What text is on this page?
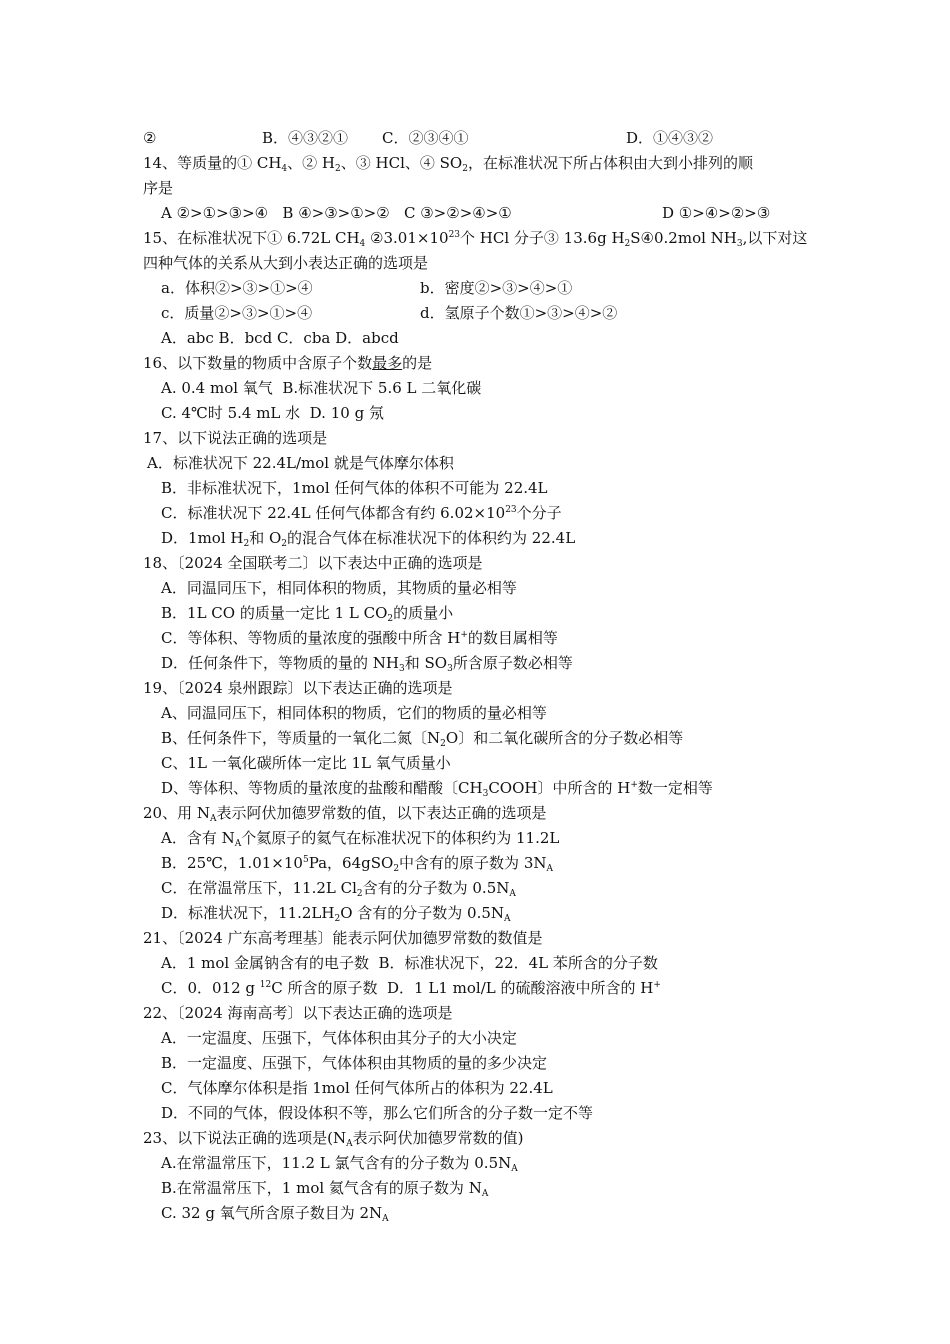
②	B．④③②① C．②③④①	D．①④③②
14、等质量的① $CH_4$、② $H_2$、③ HCl、④ $SO_2$，在标准状况下所占体积由大到小排列的顺
序是
A ②>①>③>④   B ④>③>①>②   C ③>②>④>①	D ①>④>②>③
15、在标准状况下① 6.72L $CH_4$ $②3.01\times 10^{23}$个 HCl 分子③ 13.6g $H_2S④0.2mol$ $NH_3$,以下对这
四种气体的关系从大到小表达正确的选项是
a．体积②>③>①>④	b．密度②>③>④>①
c．质量②>③>①>④	d．氢原子个数①>③>④>②
A．abc B．bcd C．cba D．abcd
16、以下数量的物质中含原子个数最多的是
A. 0.4 mol 氧气  B.标准状况下 5.6 L 二氧化碳
C. 4℃时 5.4 mL 水  D. 10 g 氖
17、以下说法正确的选项是
A．标准状况下 22.4L/mol 就是气体摩尔体积
B．非标准状况下，1mol 任何气体的体积不可能为 22.4L
C．标准状况下 22.4L 任何气体都含有约 $6.02\times 10^{23}$个分子
D．1mol $H_2$和 $O_2$的混合气体在标准状况下的体积约为 22.4L
18、〔2024 全国联考二〕以下表达中正确的选项是
A．同温同压下，相同体积的物质，其物质的量必相等
B．1L CO 的质量一定比 1 L $CO_2$的质量小
C．等体积、等物质的量浓度的强酸中所含 H+的数目属相等
D．任何条件下，等物质的量的 $NH_3$和 $SO_3$所含原子数必相等
19、〔2024 泉州跟踪〕以下表达正确的选项是
A、同温同压下，相同体积的物质，它们的物质的量必相等
B、任何条件下，等质量的一氧化二氮〔$N_2O$〕和二氧化碳所含的分子数必相等
C、1L 一氧化碳所体一定比 1L 氧气质量小
D、等体积、等物质的量浓度的盐酸和醋酸〔$CH_3COOH$〕中所含的 H+数一定相等
20、用 $N_A$表示阿伏加德罗常数的值，以下表达正确的选项是
A．含有 $N_A$个氦原子的氦气在标准状况下的体积约为 11.2L
B．25℃，$1.01\times 10^5Pa$，64gSO$_2$中含有的原子数为 $3N_A$
C．在常温常压下，11.2L $Cl_2$含有的分子数为 $0.5N_A$
D．标准状况下，$11.2LH_2O$ 含有的分子数为 $0.5N_A$
21、〔2024 广东高考理基〕能表示阿伏加德罗常数的数值是
A．1 mol 金属钠含有的电子数  B．标准状况下，22．4L 苯所含的分子数
C．0．012 g $^{12}$C 所含的原子数  D．1 L1 mol/L 的硫酸溶液中所含的 H+
22、〔2024 海南高考〕以下表达正确的选项是
A．一定温度、压强下，气体体积由其分子的大小决定
B．一定温度、压强下，气体体积由其物质的量的多少决定
C．气体摩尔体积是指 1mol 任何气体所占的体积为 22.4L
D．不同的气体，假设体积不等，那么它们所含的分子数一定不等
23、以下说法正确的选项是($N_A$表示阿伏加德罗常数的值)
A.在常温常压下，11.2 L 氯气含有的分子数为 $0.5N_A$
B.在常温常压下，1 mol 氦气含有的原子数为 $N_A$
C. 32 g 氧气所含原子数目为 $2N_A$
